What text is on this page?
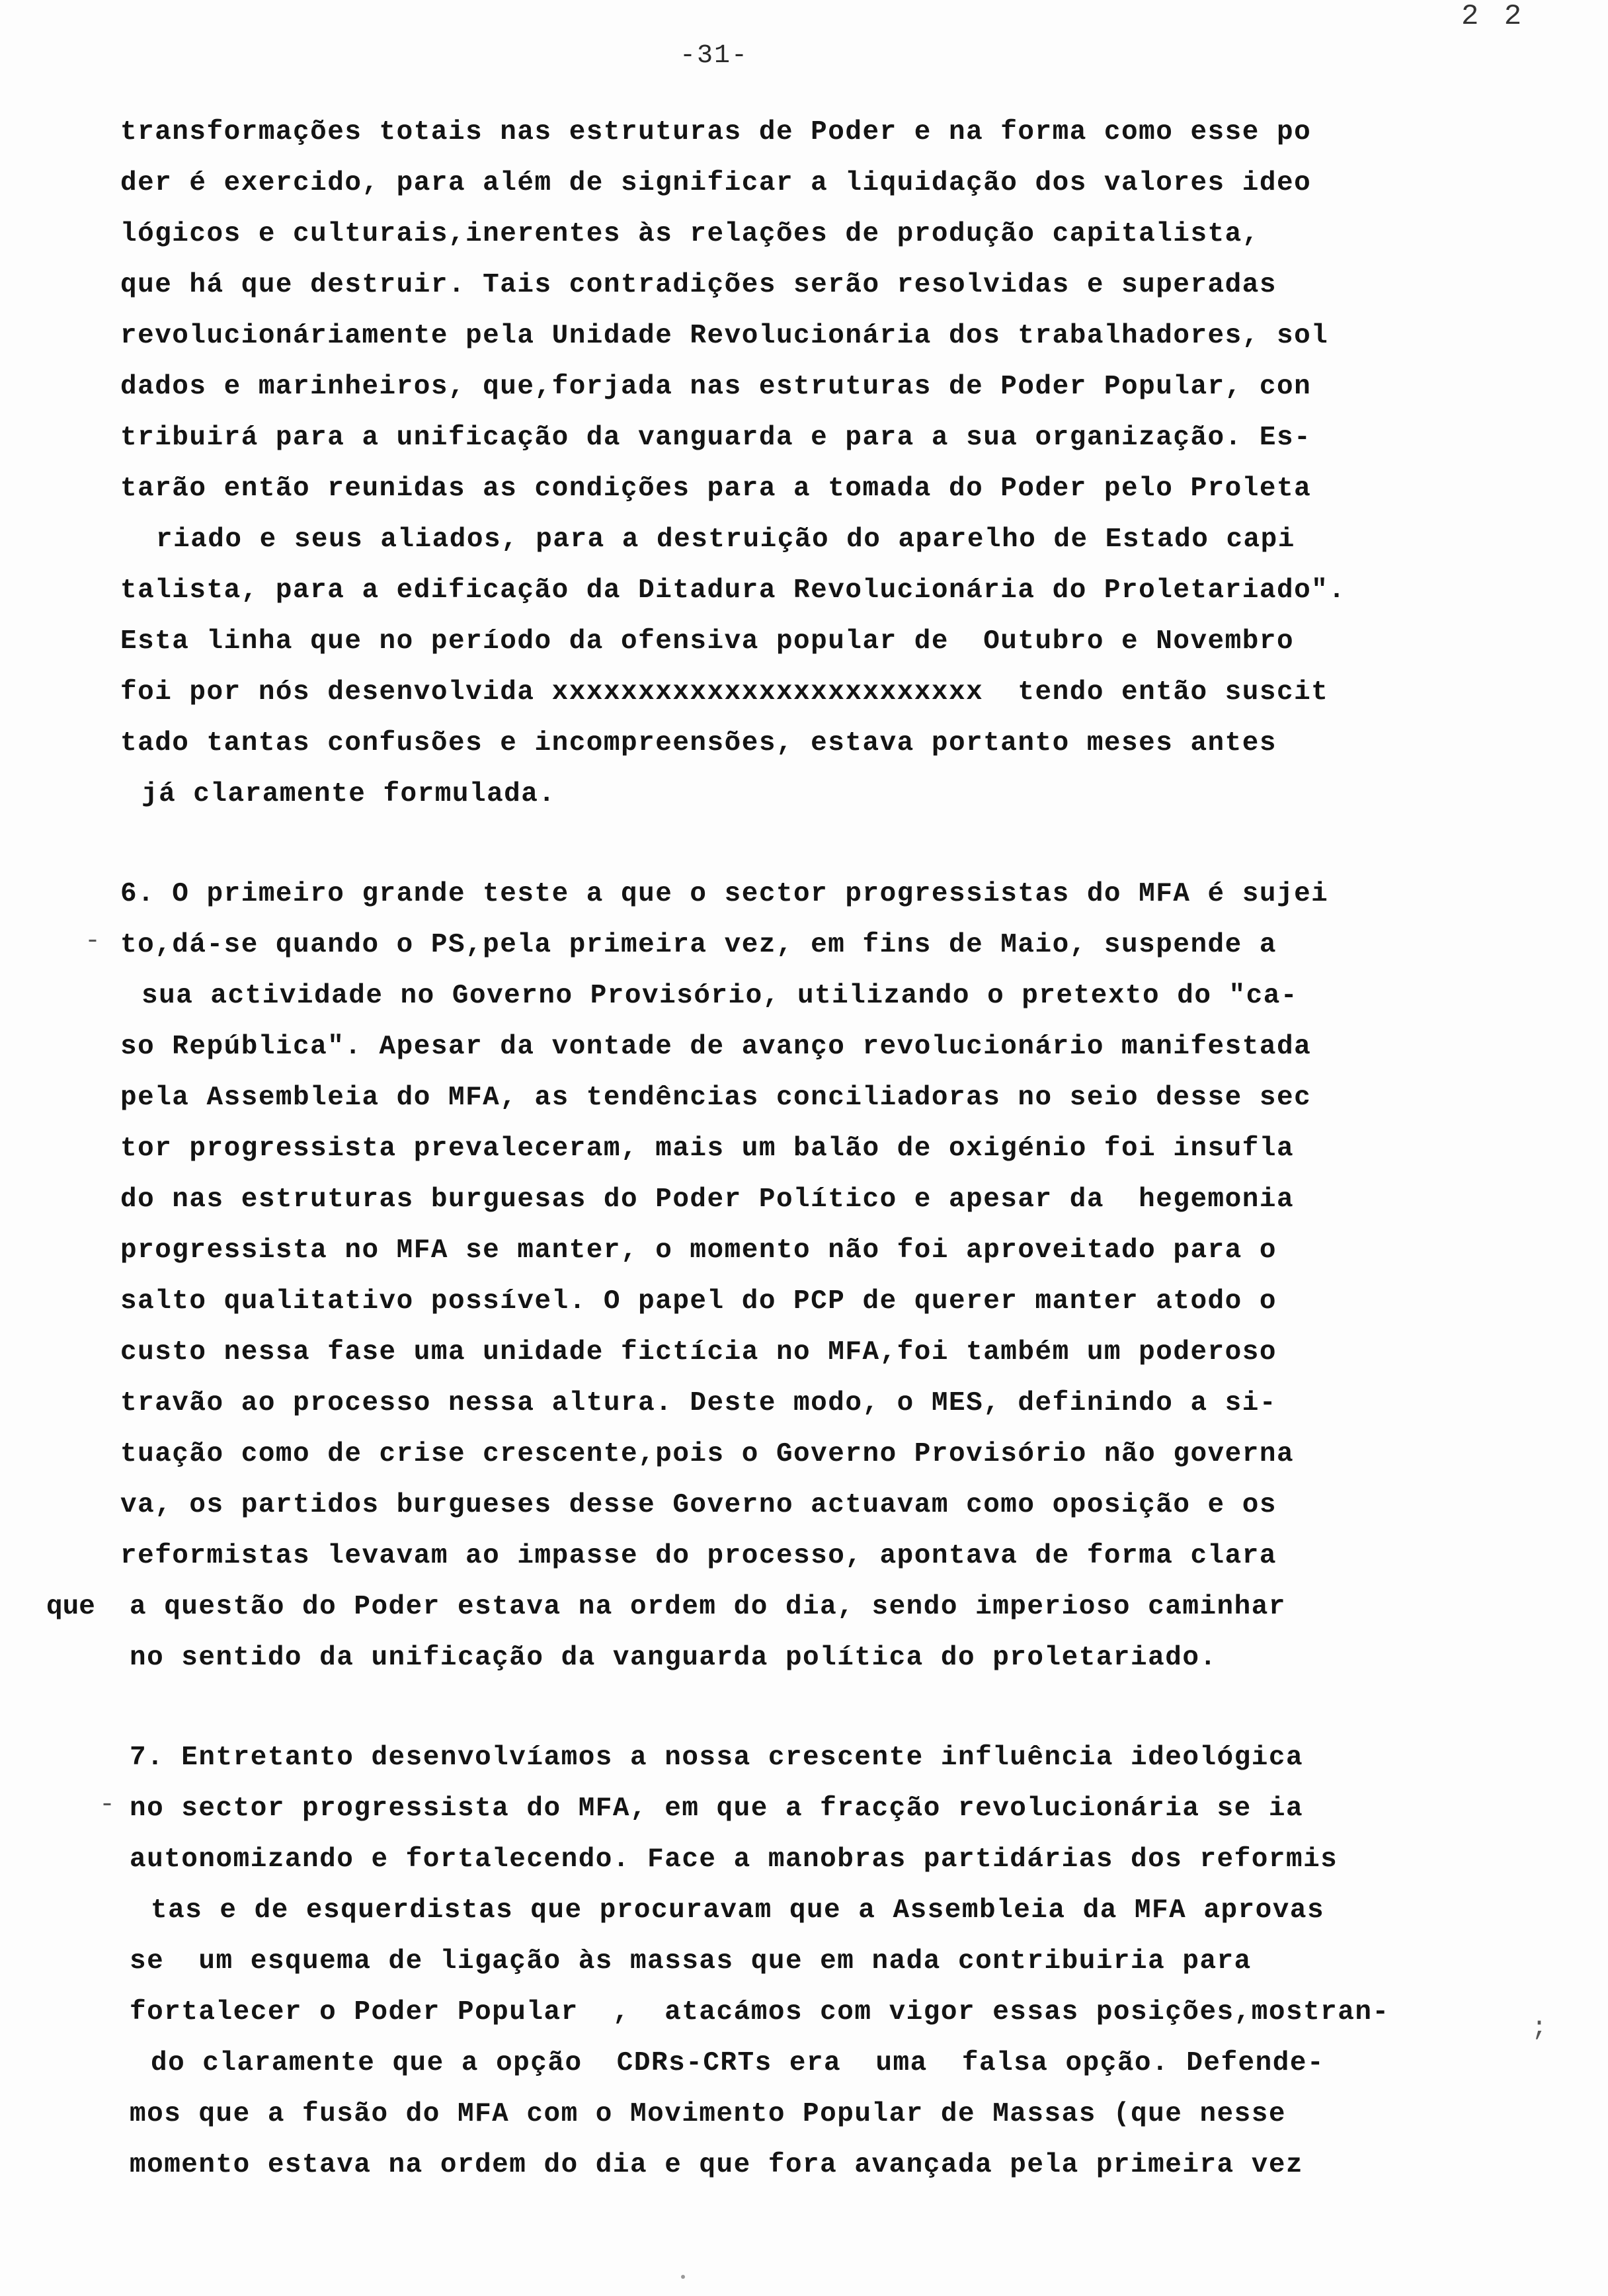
2 2
-31-
transformações totais nas estruturas de Poder e na forma como esse po
der é exercido, para além de significar a liquidação dos valores ideo
lógicos e culturais,inerentes às relações de produção capitalista,
que há que destruir. Tais contradições serão resolvidas e superadas
revolucionáriamente pela Unidade Revolucionária dos trabalhadores, sol
dados e marinheiros, que,forjada nas estruturas de Poder Popular, con
tribuirá para a unificação da vanguarda e para a sua organização. Es-
tarão então reunidas as condições para a tomada do Poder pelo Proleta
riado e seus aliados, para a destruição do aparelho de Estado capi
talista, para a edificação da Ditadura Revolucionária do Proletariado".
Esta linha que no período da ofensiva popular de  Outubro e Novembro
foi por nós desenvolvida xxxxxxxxxxxxxxxxxxxxxxxxx  tendo então suscit
tado tantas confusões e incompreensões, estava portanto meses antes
já claramente formulada.
6. O primeiro grande teste a que o sector progressistas do MFA é sujei
- to,dá-se quando o PS,pela primeira vez, em fins de Maio, suspende a
sua actividade no Governo Provisório, utilizando o pretexto do "ca-
so República". Apesar da vontade de avanço revolucionário manifestada
pela Assembleia do MFA, as tendências conciliadoras no seio desse sec
tor progressista prevaleceram, mais um balão de oxigénio foi insufla
do nas estruturas burguesas do Poder Político e apesar da  hegemonia
progressista no MFA se manter, o momento não foi aproveitado para o
salto qualitativo possível. O papel do PCP de querer manter atodo o
custo nessa fase uma unidade fictícia no MFA,foi também um poderoso
travão ao processo nessa altura. Deste modo, o MES, definindo a si-
tuação como de crise crescente,pois o Governo Provisório não governa
va, os partidos burgueses desse Governo actuavam como oposição e os
reformistas levavam ao impasse do processo, apontava de forma clara
que a questão do Poder estava na ordem do dia, sendo imperioso caminhar
no sentido da unificação da vanguarda política do proletariado.
7. Entretanto desenvolvíamos a nossa crescente influência ideológica
- no sector progressista do MFA, em que a fracção revolucionária se ia
autonomizando e fortalecendo. Face a manobras partidárias dos reformis
tas e de esquerdistas que procuravam que a Assembleia da MFA aprovas
se  um esquema de ligação às massas que em nada contribuiria para
fortalecer o Poder Popular  ,  atacámos com vigor essas posições,mostran-
;
do claramente que a opção  CDRs-CRTs era  uma  falsa opção. Defende-
mos que a fusão do MFA com o Movimento Popular de Massas (que nesse
momento estava na ordem do dia e que fora avançada pela primeira vez
